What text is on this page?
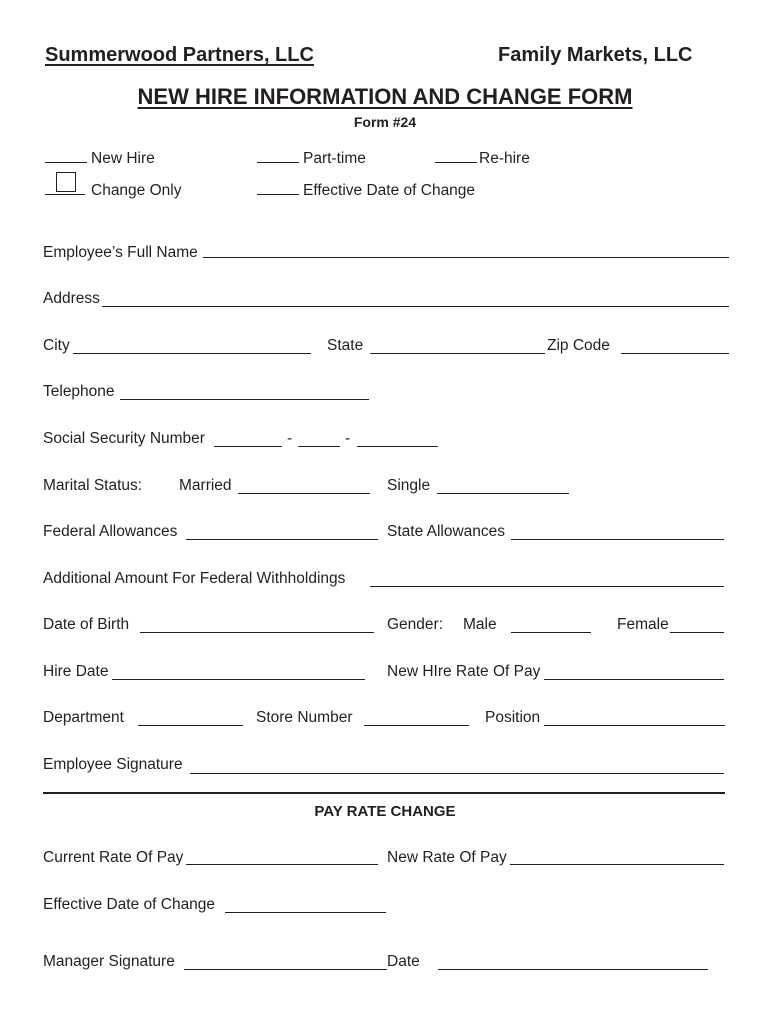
Summerwood Partners, LLC	Family Markets, LLC
NEW HIRE INFORMATION AND CHANGE FORM
Form #24
New Hire	Part-time	Re-hire
Change Only	Effective Date of Change
Employee’s Full Name
Address
City	State	Zip Code
Telephone
Social Security Number	-	-
Marital Status: Married	Single
Federal Allowances	State Allowances
Additional Amount For Federal Withholdings
Date of Birth	Gender: Male	Female
Hire Date	New HIre Rate Of Pay
Department	Store Number	Position
Employee Signature
PAY RATE CHANGE
Current Rate Of Pay	New Rate Of Pay
Effective Date of Change
Manager Signature	Date
